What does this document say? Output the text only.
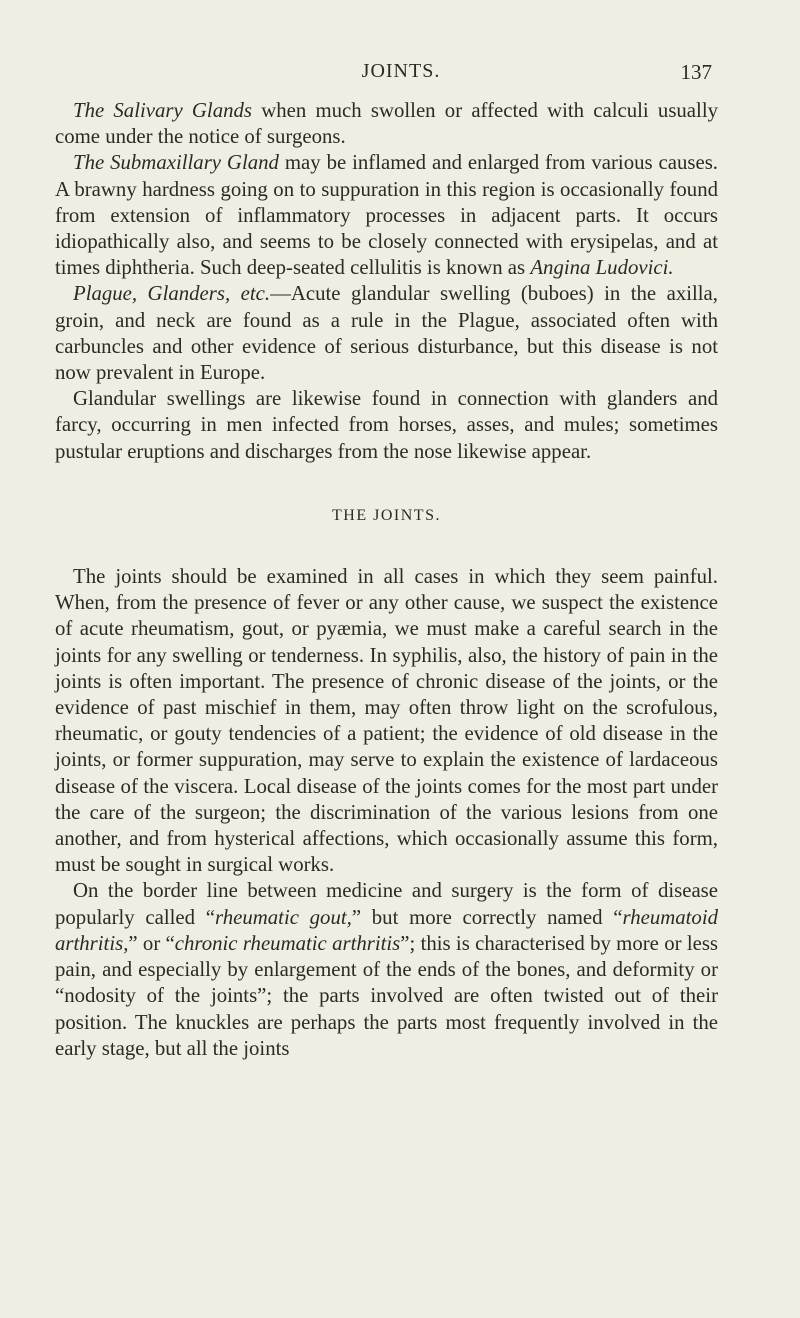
JOINTS.	137

The Salivary Glands when much swollen or affected with calculi usually come under the notice of surgeons.

The Submaxillary Gland may be inflamed and enlarged from various causes. A brawny hardness going on to suppuration in this region is occasionally found from extension of inflammatory processes in adjacent parts. It occurs idiopathically also, and seems to be closely connected with erysipelas, and at times diphtheria. Such deep-seated cellulitis is known as Angina Ludovici.

Plague, Glanders, etc.—Acute glandular swelling (buboes) in the axilla, groin, and neck are found as a rule in the Plague, associated often with carbuncles and other evidence of serious disturbance, but this disease is not now prevalent in Europe.

Glandular swellings are likewise found in connection with glanders and farcy, occurring in men infected from horses, asses, and mules; sometimes pustular eruptions and discharges from the nose likewise appear.

THE JOINTS.

The joints should be examined in all cases in which they seem painful. When, from the presence of fever or any other cause, we suspect the existence of acute rheumatism, gout, or pyæmia, we must make a careful search in the joints for any swelling or tenderness. In syphilis, also, the history of pain in the joints is often important. The presence of chronic disease of the joints, or the evidence of past mischief in them, may often throw light on the scrofulous, rheumatic, or gouty tendencies of a patient; the evidence of old disease in the joints, or former suppuration, may serve to explain the existence of lardaceous disease of the viscera. Local disease of the joints comes for the most part under the care of the surgeon; the discrimination of the various lesions from one another, and from hysterical affections, which occasionally assume this form, must be sought in surgical works.

On the border line between medicine and surgery is the form of disease popularly called “rheumatic gout,” but more correctly named “rheumatoid arthritis,” or “chronic rheumatic arthritis”; this is characterised by more or less pain, and especially by enlargement of the ends of the bones, and deformity or “nodosity of the joints”; the parts involved are often twisted out of their position. The knuckles are perhaps the parts most frequently involved in the early stage, but all the joints
